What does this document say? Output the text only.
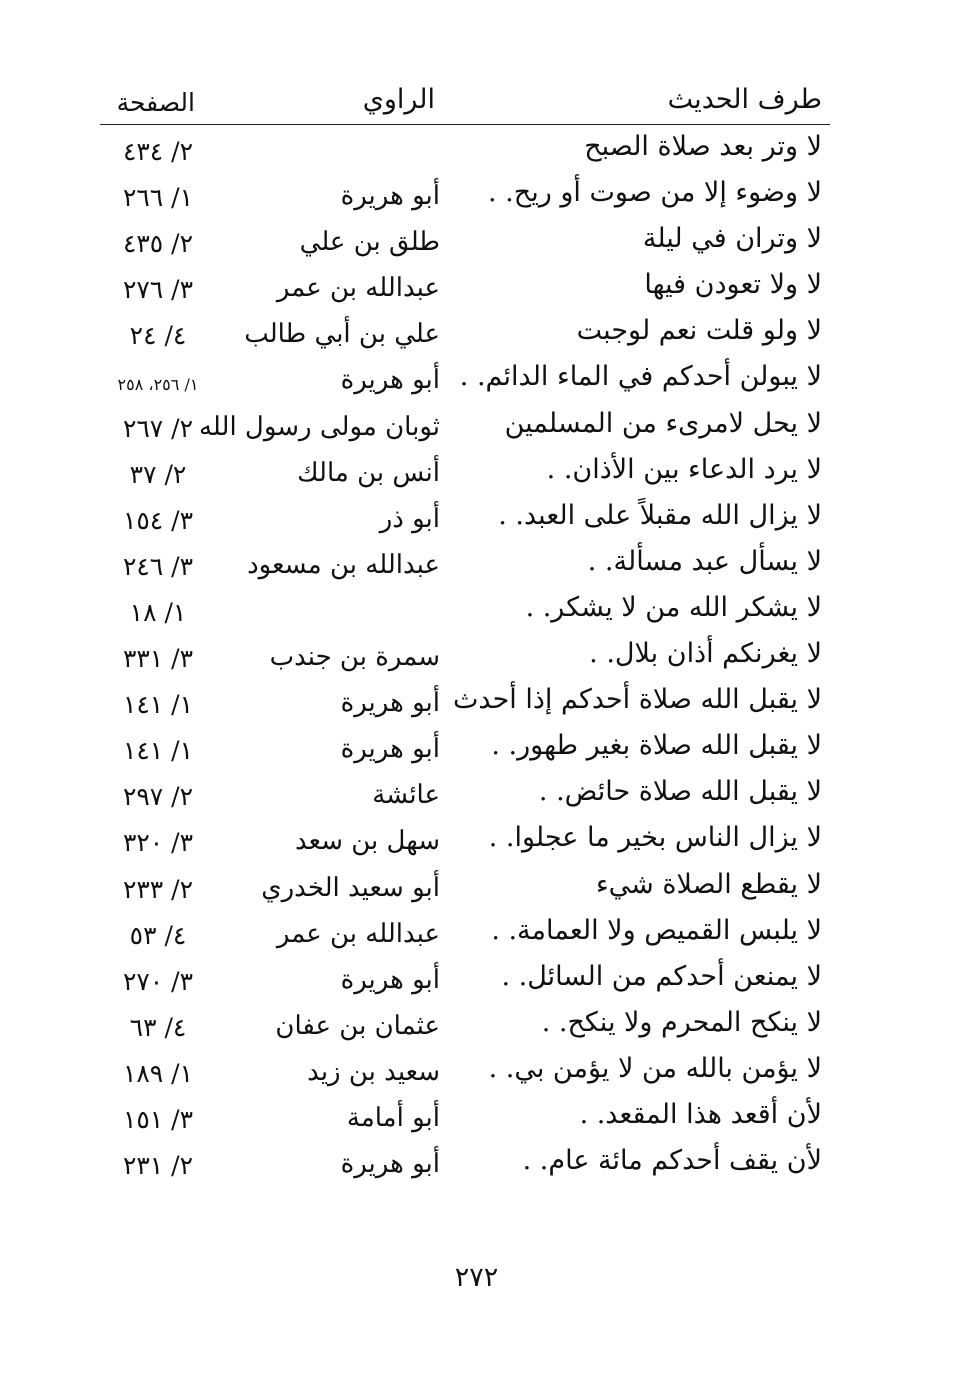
طرف الحديث
الراوي
الصفحة
لا وتر بعد صلاة الصبح
٢/ ٤٣٤
لا وضوء إلا من صوت أو ريح. .
أبو هريرة
١/ ٢٦٦
لا وتران في ليلة
طلق بن علي
٢/ ٤٣٥
لا ولا تعودن فيها
عبدالله بن عمر
٣/ ٢٧٦
لا ولو قلت نعم لوجبت
علي بن أبي طالب
٤/ ٢٤
لا يبولن أحدكم في الماء الدائم. .
أبو هريرة
١/ ٢٥٦، ٢٥٨
لا يحل لامرىء من المسلمين
ثوبان مولى رسول الله
٢/ ٢٦٧
لا يرد الدعاء بين الأذان. .
أنس بن مالك
٢/ ٣٧
لا يزال الله مقبلاً على العبد. .
أبو ذر
٣/ ١٥٤
لا يسأل عبد مسألة. .
عبدالله بن مسعود
٣/ ٢٤٦
لا يشكر الله من لا يشكر. .
١/ ١٨
لا يغرنكم أذان بلال. .
سمرة بن جندب
٣/ ٣٣١
لا يقبل الله صلاة أحدكم إذا أحدث
أبو هريرة
١/ ١٤١
لا يقبل الله صلاة بغير طهور. .
أبو هريرة
١/ ١٤١
لا يقبل الله صلاة حائض. .
عائشة
٢/ ٢٩٧
لا يزال الناس بخير ما عجلوا. .
سهل بن سعد
٣/ ٣٢٠
لا يقطع الصلاة شيء
أبو سعيد الخدري
٢/ ٢٣٣
لا يلبس القميص ولا العمامة. .
عبدالله بن عمر
٤/ ٥٣
لا يمنعن أحدكم من السائل. .
أبو هريرة
٣/ ٢٧٠
لا ينكح المحرم ولا ينكح. .
عثمان بن عفان
٤/ ٦٣
لا يؤمن بالله من لا يؤمن بي. .
سعيد بن زيد
١/ ١٨٩
لأن أقعد هذا المقعد. .
أبو أمامة
٣/ ١٥١
لأن يقف أحدكم مائة عام. .
أبو هريرة
٢/ ٢٣١
٢٧٢
